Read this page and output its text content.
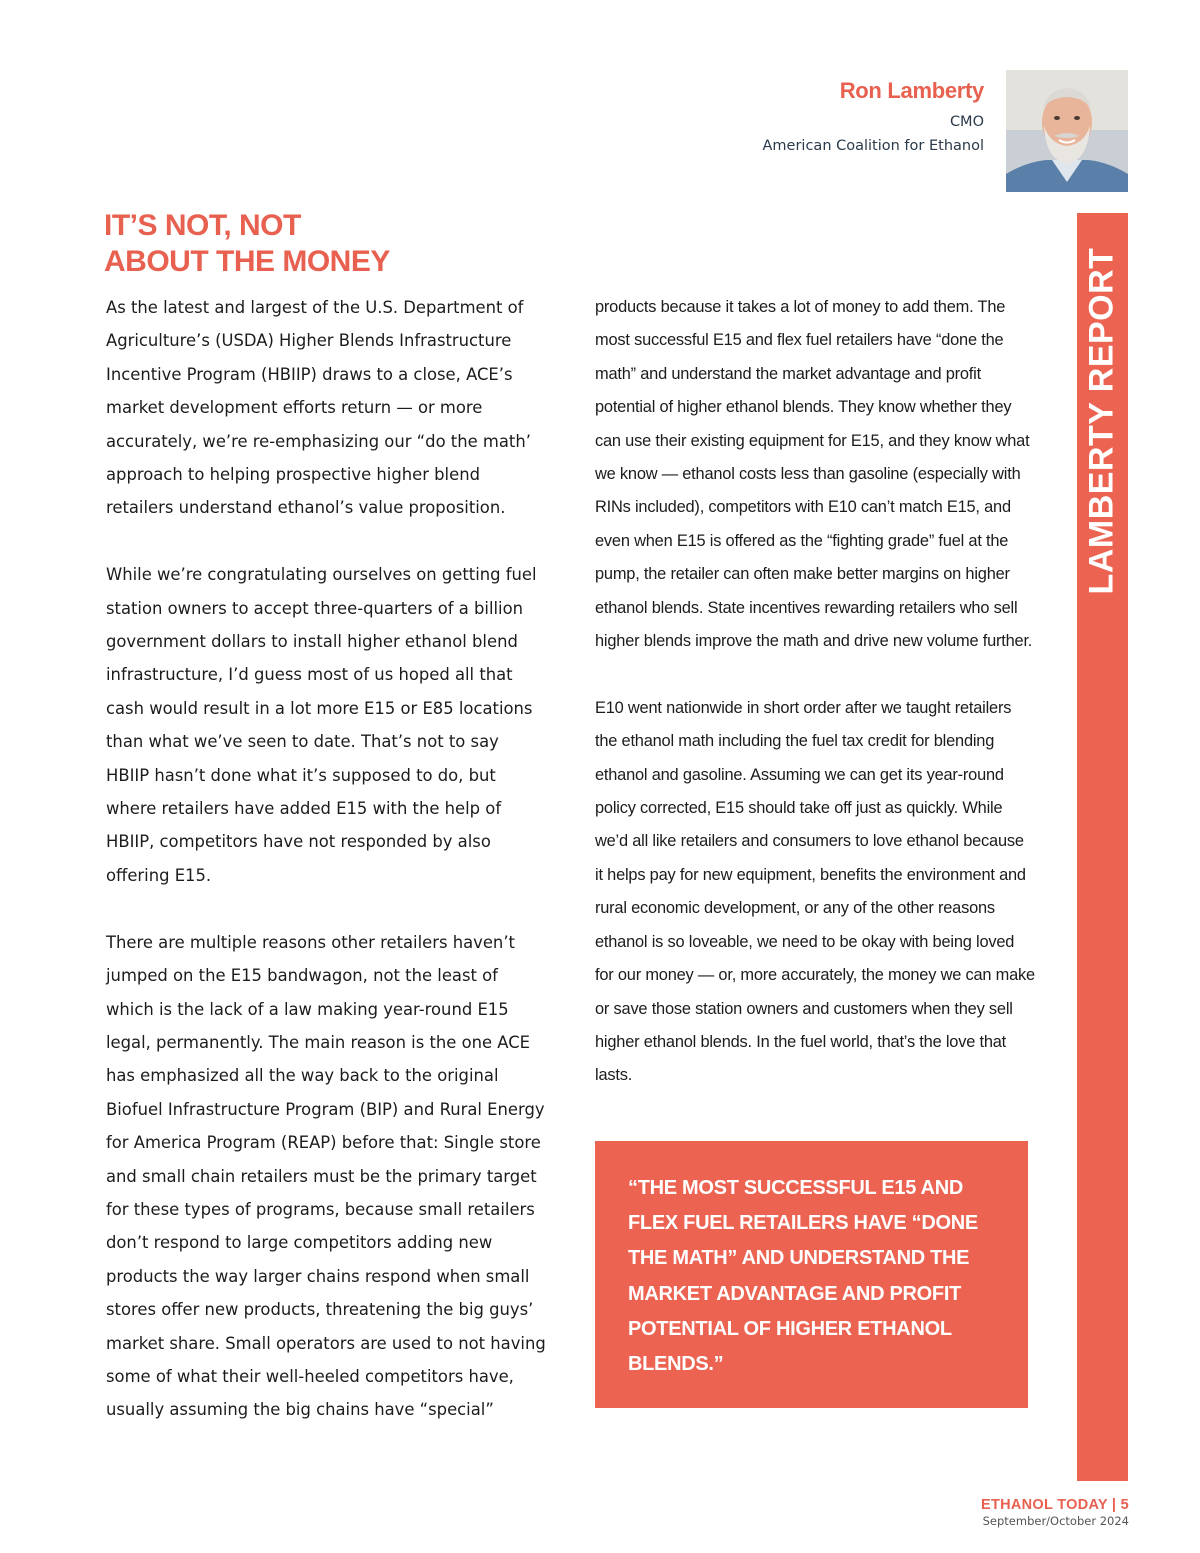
Ron Lamberty
CMO
American Coalition for Ethanol
IT’S NOT, NOT
ABOUT THE MONEY

As the latest and largest of the U.S. Department of Agriculture’s (USDA) Higher Blends Infrastructure Incentive Program (HBIIP) draws to a close, ACE’s market development efforts return — or more accurately, we’re re-emphasizing our “do the math’ approach to helping prospective higher blend retailers understand ethanol’s value proposition.

While we’re congratulating ourselves on getting fuel station owners to accept three-quarters of a billion government dollars to install higher ethanol blend infrastructure, I’d guess most of us hoped all that cash would result in a lot more E15 or E85 locations than what we’ve seen to date. That’s not to say HBIIP hasn’t done what it’s supposed to do, but where retailers have added E15 with the help of HBIIP, competitors have not responded by also offering E15.

There are multiple reasons other retailers haven’t jumped on the E15 bandwagon, not the least of which is the lack of a law making year-round E15 legal, permanently. The main reason is the one ACE has emphasized all the way back to the original Biofuel Infrastructure Program (BIP) and Rural Energy for America Program (REAP) before that: Single store and small chain retailers must be the primary target for these types of programs, because small retailers don’t respond to large competitors adding new products the way larger chains respond when small stores offer new products, threatening the big guys’ market share. Small operators are used to not having some of what their well-heeled competitors have, usually assuming the big chains have “special”

products because it takes a lot of money to add them. The most successful E15 and flex fuel retailers have “done the math” and understand the market advantage and profit potential of higher ethanol blends. They know whether they can use their existing equipment for E15, and they know what we know — ethanol costs less than gasoline (especially with RINs included), competitors with E10 can’t match E15, and even when E15 is offered as the “fighting grade” fuel at the pump, the retailer can often make better margins on higher ethanol blends. State incentives rewarding retailers who sell higher blends improve the math and drive new volume further.

E10 went nationwide in short order after we taught retailers the ethanol math including the fuel tax credit for blending ethanol and gasoline. Assuming we can get its year-round policy corrected, E15 should take off just as quickly. While we’d all like retailers and consumers to love ethanol because it helps pay for new equipment, benefits the environment and rural economic development, or any of the other reasons ethanol is so loveable, we need to be okay with being loved for our money — or, more accurately, the money we can make or save those station owners and customers when they sell higher ethanol blends. In the fuel world, that’s the love that lasts.

“THE MOST SUCCESSFUL E15 AND FLEX FUEL RETAILERS HAVE “DONE THE MATH” AND UNDERSTAND THE MARKET ADVANTAGE AND PROFIT POTENTIAL OF HIGHER ETHANOL BLENDS.”
LAMBERTY REPORT
ETHANOL TODAY | 5
September/October 2024
